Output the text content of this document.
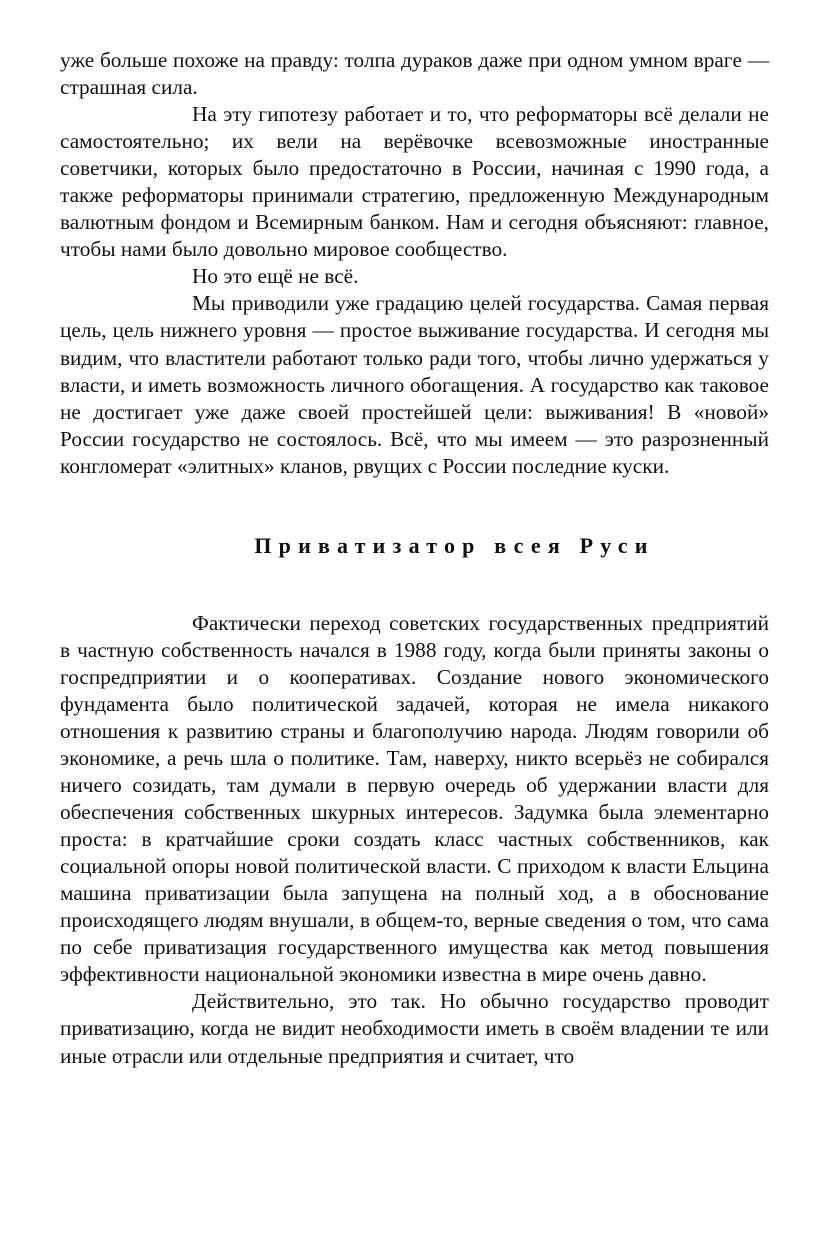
уже больше похоже на правду: толпа дураков даже при одном умном врагe — страшная сила.

На эту гипотезу работает и то, что реформаторы всё делали не самостоятельно; их вели на верёвочке всевозможные иностранные советчики, которых было предостаточно в России, начиная с 1990 года, а также реформаторы принимали стратегию, предложенную Международным валютным фондом и Всемирным банком. Нам и сегодня объясняют: главное, чтобы нами было довольно мировое сообщество.

Но это ещё не всё.

Мы приводили уже градацию целей государства. Самая первая цель, цель нижнего уровня — простое выживание государства. И сегодня мы видим, что властители работают только ради того, чтобы лично удержаться у власти, и иметь возможность личного обогащения. А государство как таковое не достигает уже даже своей простейшей цели: выживания! В «новой» России государство не состоялось. Всё, что мы имеем — это разрозненный конгломерат «элитных» кланов, рвущих с России последние куски.

Приватизатор всея Руси

Фактически переход советских государственных предприятий в частную собственность начался в 1988 году, когда были приняты законы о госпредприятии и о кооперативах. Создание нового экономического фундамента было политической задачей, которая не имела никакого отношения к развитию страны и благополучию народа. Людям говорили об экономике, а речь шла о политике. Там, наверху, никто всерьёз не собирался ничего созидать, там думали в первую очередь об удержании власти для обеспечения собственных шкурных интересов. Задумка была элементарно проста: в кратчайшие сроки создать класс частных собственников, как социальной опоры новой политической власти. С приходом к власти Ельцина машина приватизации была запущена на полный ход, а в обоснование происходящего людям внушали, в общем-то, верные сведения о том, что сама по себе приватизация государственного имущества как метод повышения эффективности национальной экономики известна в мире очень давно.

Действительно, это так. Но обычно государство проводит приватизацию, когда не видит необходимости иметь в своём владении те или иные отрасли или отдельные предприятия и считает, что
